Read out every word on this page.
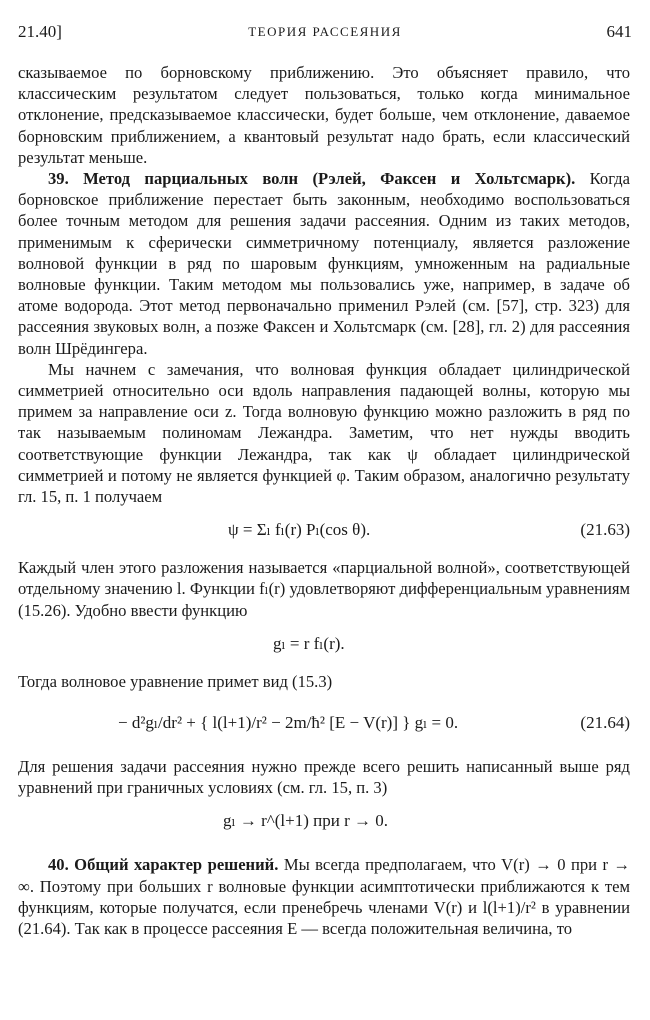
21.40]	ТЕОРИЯ РАССЕЯНИЯ	641

сказываемое по борновскому приближению. Это объясняет правило, что классическим результатом следует пользоваться, только когда минимальное отклонение, предсказываемое классически, будет больше, чем отклонение, даваемое борновским приближением, а квантовый результат надо брать, если классический результат меньше.

39. Метод парциальных волн (Рэлей, Факсен и Хольтсмарк). Когда борновское приближение перестает быть законным, необходимо воспользоваться более точным методом для решения задачи рассеяния. Одним из таких методов, применимым к сферически симметричному потенциалу, является разложение волновой функции в ряд по шаровым функциям, умноженным на радиальные волновые функции. Таким методом мы пользовались уже, например, в задаче об атоме водорода. Этот метод первоначально применил Рэлей (см. [57], стр. 323) для рассеяния звуковых волн, а позже Факсен и Хольтсмарк (см. [28], гл. 2) для рассеяния волн Шрёдингера.

Мы начнем с замечания, что волновая функция обладает цилиндрической симметрией относительно оси вдоль направления падающей волны, которую мы примем за направление оси z. Тогда волновую функцию можно разложить в ряд по так называемым полиномам Лежандра. Заметим, что нет нужды вводить соответствующие функции Лежандра, так как ψ обладает цилиндрической симметрией и потому не является функцией φ. Таким образом, аналогично результату гл. 15, п. 1 получаем

ψ = Σₗ fₗ(r) Pₗ(cos θ).	(21.63)

Каждый член этого разложения называется «парциальной волной», соответствующей отдельному значению l. Функции fₗ(r) удовлетворяют дифференциальным уравнениям (15.26). Удобно ввести функцию

gₗ = r fₗ(r).

Тогда волновое уравнение примет вид (15.3)

− d²gₗ/dr² + { l(l+1)/r² − 2m/ħ² [E − V(r)] } gₗ = 0.	(21.64)

Для решения задачи рассеяния нужно прежде всего решить написанный выше ряд уравнений при граничных условиях (см. гл. 15, п. 3)

gₗ → r^(l+1) при r → 0.

40. Общий характер решений. Мы всегда предполагаем, что V(r) → 0 при r → ∞. Поэтому при больших r волновые функции асимптотически приближаются к тем функциям, которые получатся, если пренебречь членами V(r) и l(l+1)/r² в уравнении (21.64). Так как в процессе рассеяния E — всегда положительная величина, то
